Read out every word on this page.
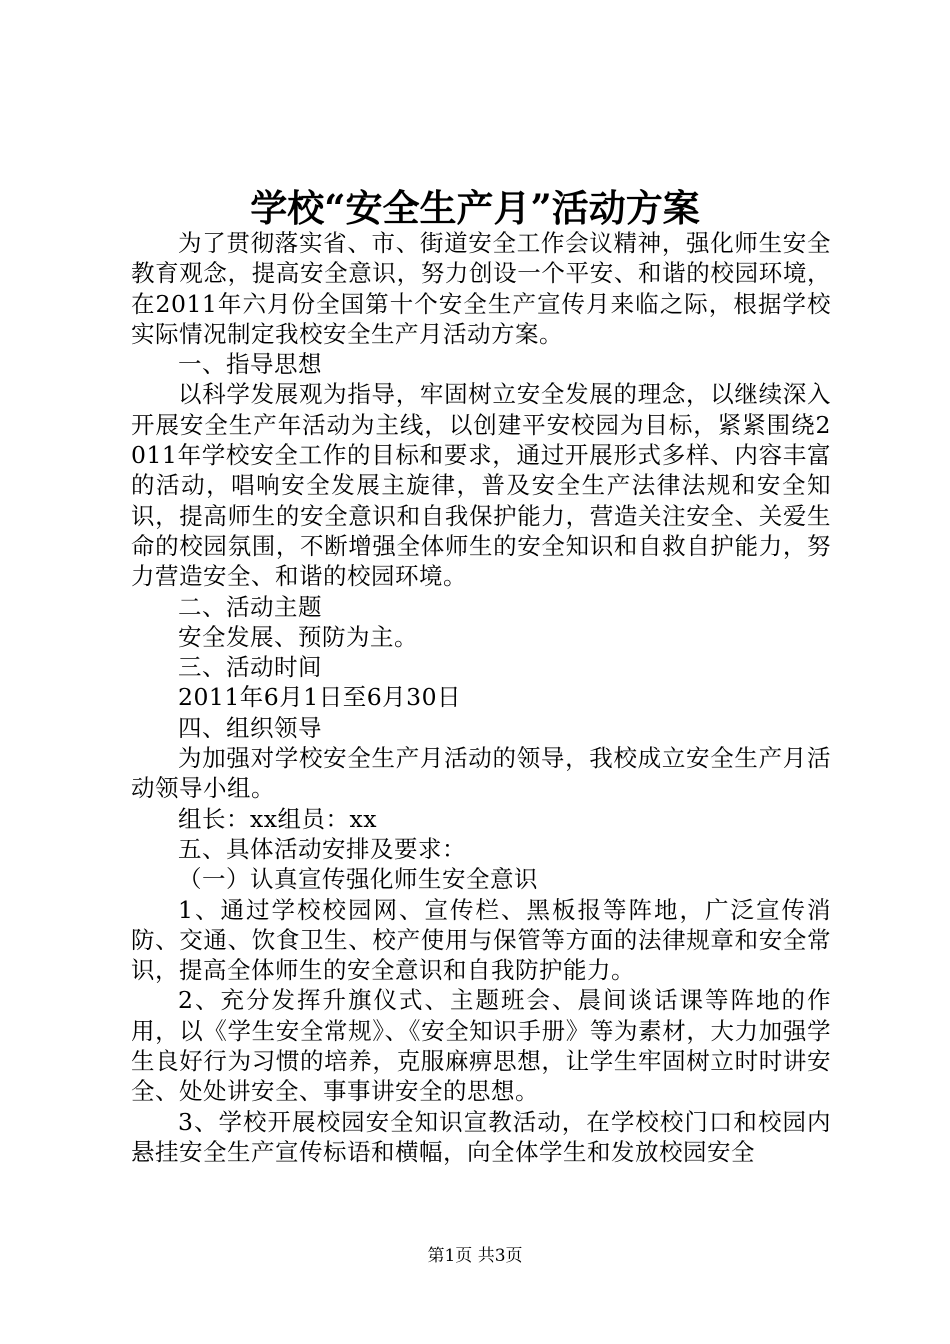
学校“安全生产月”活动方案

为了贯彻落实省、市、街道安全工作会议精神，强化师生安全教育观念，提高安全意识，努力创设一个平安、和谐的校园环境，在2011年六月份全国第十个安全生产宣传月来临之际，根据学校实际情况制定我校安全生产月活动方案。

一、指导思想

以科学发展观为指导，牢固树立安全发展的理念，以继续深入开展安全生产年活动为主线，以创建平安校园为目标，紧紧围绕2011年学校安全工作的目标和要求，通过开展形式多样、内容丰富的活动，唱响安全发展主旋律，普及安全生产法律法规和安全知识，提高师生的安全意识和自我保护能力，营造关注安全、关爱生命的校园氛围，不断增强全体师生的安全知识和自救自护能力，努力营造安全、和谐的校园环境。

二、活动主题

安全发展、预防为主。

三、活动时间

2011年6月1日至6月30日

四、组织领导

为加强对学校安全生产月活动的领导，我校成立安全生产月活动领导小组。

组长：xx组员：xx

五、具体活动安排及要求：

（一）认真宣传强化师生安全意识

1、通过学校校园网、宣传栏、黑板报等阵地，广泛宣传消防、交通、饮食卫生、校产使用与保管等方面的法律规章和安全常识，提高全体师生的安全意识和自我防护能力。

2、充分发挥升旗仪式、主题班会、晨间谈话课等阵地的作用，以《学生安全常规》、《安全知识手册》等为素材，大力加强学生良好行为习惯的培养，克服麻痹思想，让学生牢固树立时时讲安全、处处讲安全、事事讲安全的思想。

3、学校开展校园安全知识宣教活动，在学校校门口和校园内悬挂安全生产宣传标语和横幅，向全体学生和发放校园安全

第1页 共3页
